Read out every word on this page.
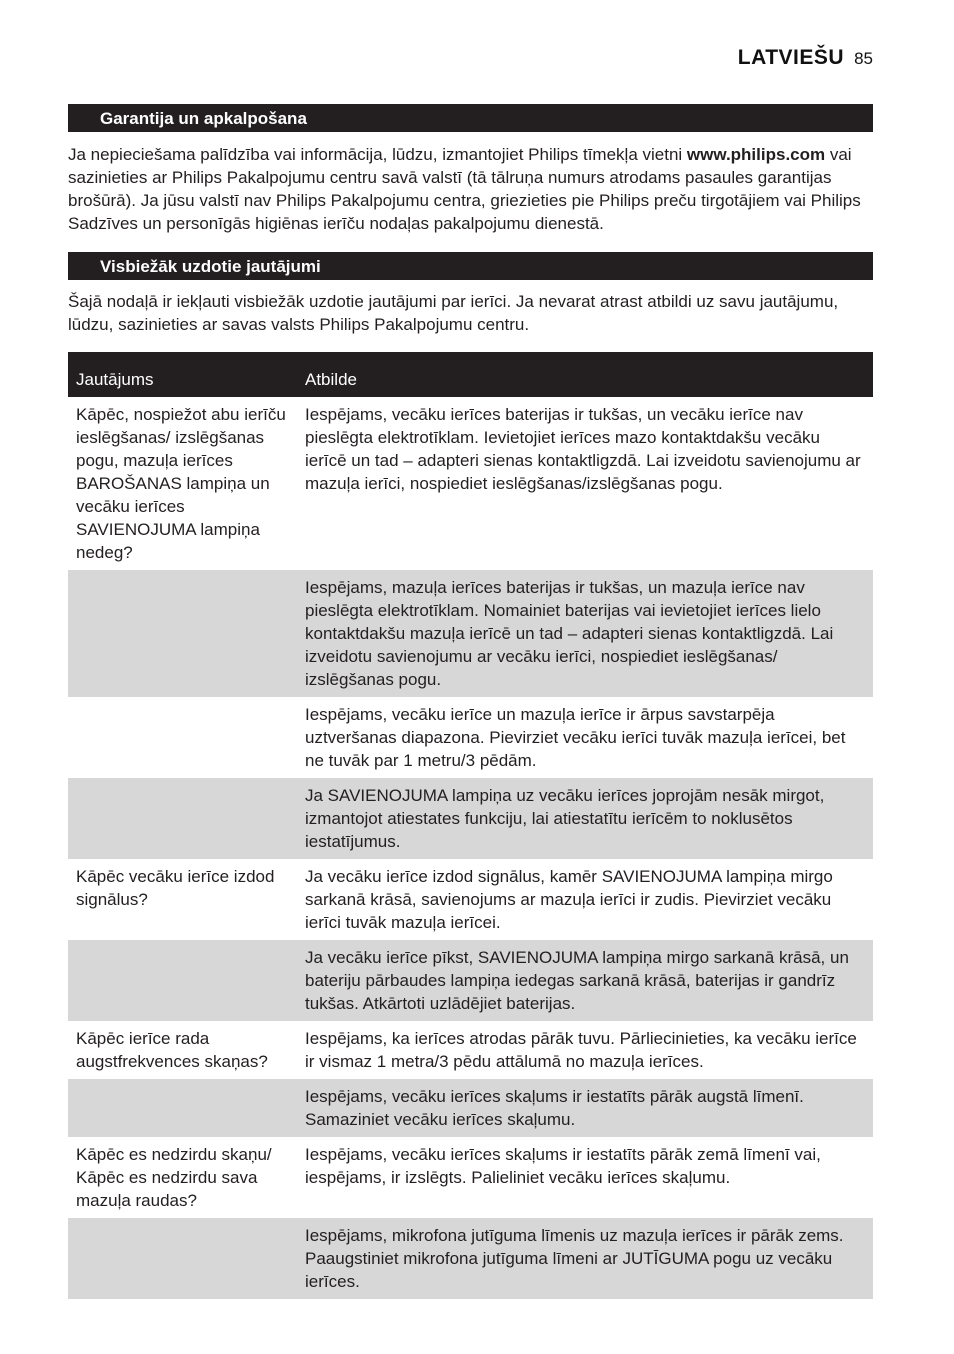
LATVIEŠU 85
Garantija un apkalpošana

Ja nepieciešama palīdzība vai informācija, lūdzu, izmantojiet Philips tīmekļa vietni www.philips.com vai sazinieties ar Philips Pakalpojumu centru savā valstī (tā tālruņa numurs atrodams pasaules garantijas brošūrā). Ja jūsu valstī nav Philips Pakalpojumu centra, griezieties pie Philips preču tirgotājiem vai Philips Sadzīves un personīgās higiēnas ierīču nodaļas pakalpojumu dienestā.

Visbiežāk uzdotie jautājumi

Šajā nodaļā ir iekļauti visbiežāk uzdotie jautājumi par ierīci. Ja nevarat atrast atbildi uz savu jautājumu, lūdzu, sazinieties ar savas valsts Philips Pakalpojumu centru.

Jautājums	Atbilde
Kāpēc, nospiežot abu ierīču ieslēgšanas/ izslēgšanas pogu, mazuļa ierīces BAROŠANAS lampiņa un vecāku ierīces SAVIENOJUMA lampiņa nedeg?	Iespējams, vecāku ierīces baterijas ir tukšas, un vecāku ierīce nav pieslēgta elektrotīklam. Ievietojiet ierīces mazo kontaktdakšu vecāku ierīcē un tad – adapteri sienas kontaktligzdā. Lai izveidotu savienojumu ar mazuļa ierīci, nospiediet ieslēgšanas/izslēgšanas pogu.
	Iespējams, mazuļa ierīces baterijas ir tukšas, un mazuļa ierīce nav pieslēgta elektrotīklam. Nomainiet baterijas vai ievietojiet ierīces lielo kontaktdakšu mazuļa ierīcē un tad – adapteri sienas kontaktligzdā. Lai izveidotu savienojumu ar vecāku ierīci, nospiediet ieslēgšanas/ izslēgšanas pogu.
	Iespējams, vecāku ierīce un mazuļa ierīce ir ārpus savstarpēja uztveršanas diapazona. Pievirziet vecāku ierīci tuvāk mazuļa ierīcei, bet ne tuvāk par 1 metru/3 pēdām.
	Ja SAVIENOJUMA lampiņa uz vecāku ierīces joprojām nesāk mirgot, izmantojot atiestates funkciju, lai atiestatītu ierīcēm to noklusētos iestatījumus.
Kāpēc vecāku ierīce izdod signālus?	Ja vecāku ierīce izdod signālus, kamēr SAVIENOJUMA lampiņa mirgo sarkanā krāsā, savienojums ar mazuļa ierīci ir zudis. Pievirziet vecāku ierīci tuvāk mazuļa ierīcei.
	Ja vecāku ierīce pīkst, SAVIENOJUMA lampiņa mirgo sarkanā krāsā, un bateriju pārbaudes lampiņa iedegas sarkanā krāsā, baterijas ir gandrīz tukšas. Atkārtoti uzlādējiet baterijas.
Kāpēc ierīce rada augstfrekvences skaņas?	Iespējams, ka ierīces atrodas pārāk tuvu. Pārliecinieties, ka vecāku ierīce ir vismaz 1 metra/3 pēdu attālumā no mazuļa ierīces.
	Iespējams, vecāku ierīces skaļums ir iestatīts pārāk augstā līmenī. Samaziniet vecāku ierīces skaļumu.
Kāpēc es nedzirdu skaņu/ Kāpēc es nedzirdu sava mazuļa raudas?	Iespējams, vecāku ierīces skaļums ir iestatīts pārāk zemā līmenī vai, iespējams, ir izslēgts. Palieliniet vecāku ierīces skaļumu.
	Iespējams, mikrofona jutīguma līmenis uz mazuļa ierīces ir pārāk zems. Paaugstiniet mikrofona jutīguma līmeni ar JUTĪGUMA pogu uz vecāku ierīces.
